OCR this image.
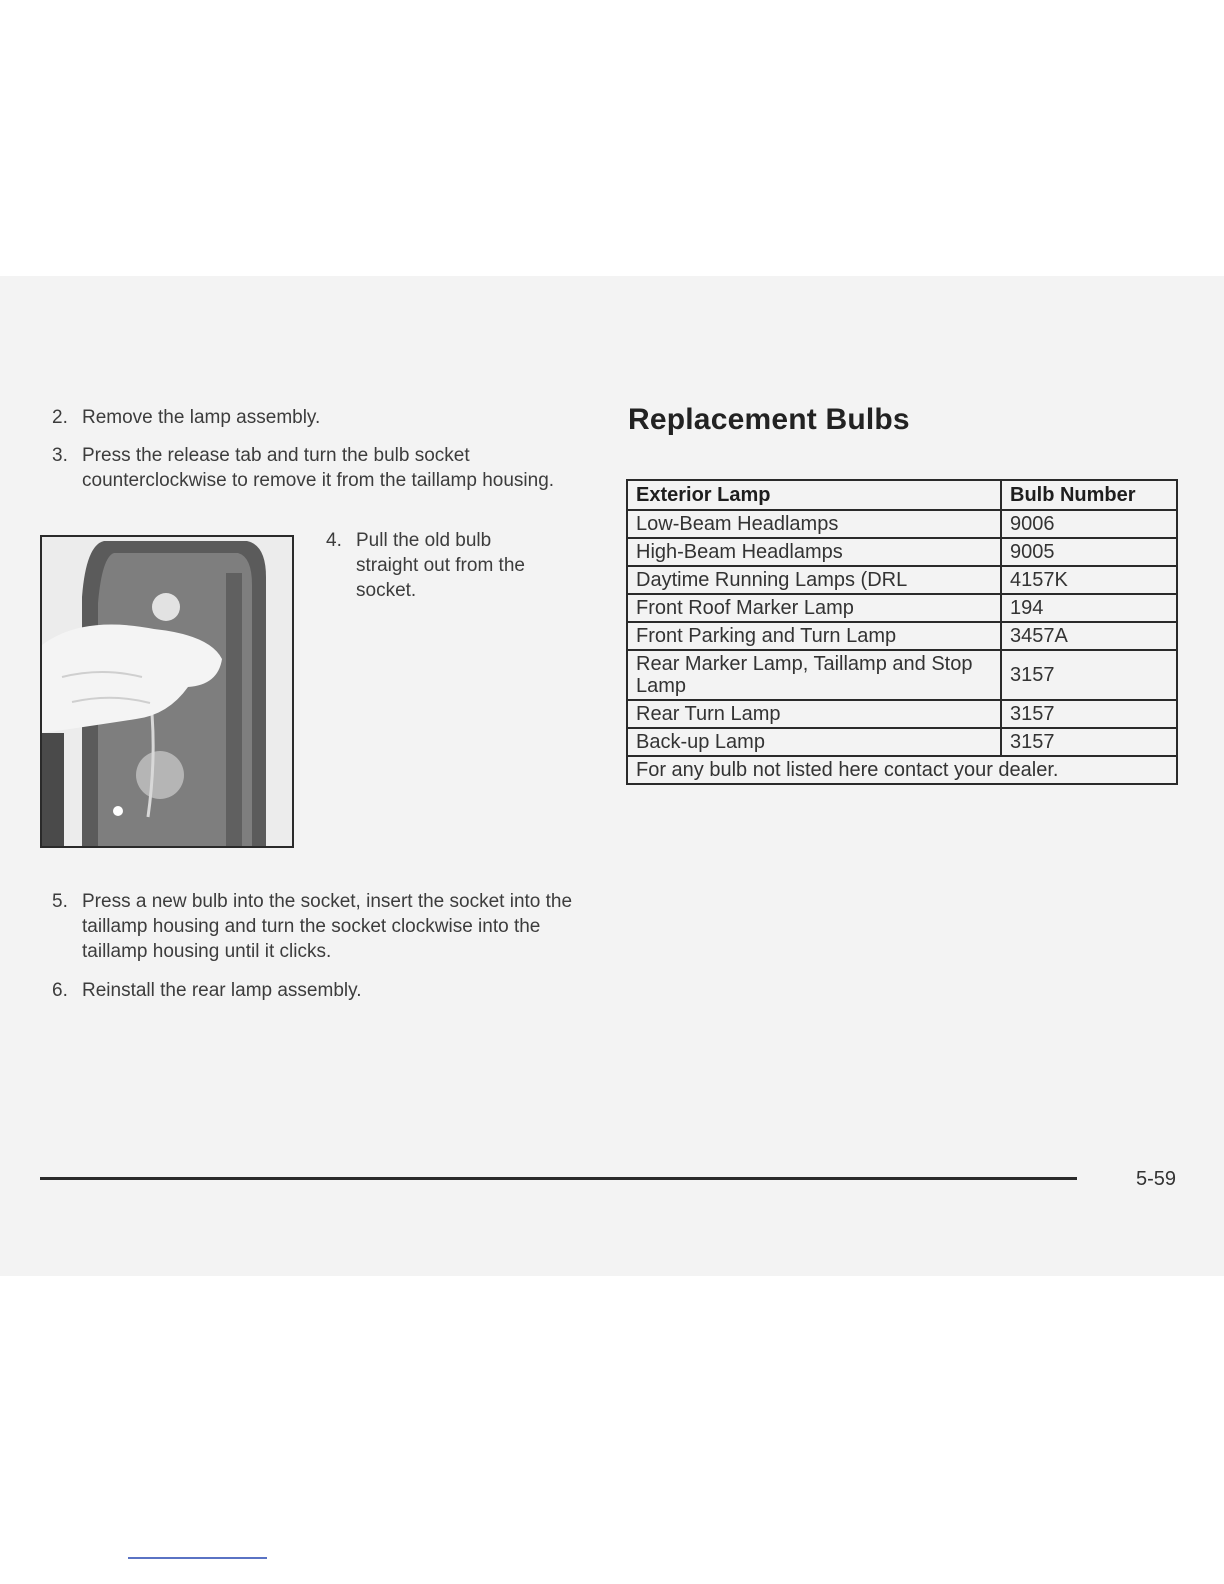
2. Remove the lamp assembly.
3. Press the release tab and turn the bulb socket counterclockwise to remove it from the taillamp housing.
4. Pull the old bulb straight out from the socket.
5. Press a new bulb into the socket, insert the socket into the taillamp housing and turn the socket clockwise into the taillamp housing until it clicks.
6. Reinstall the rear lamp assembly.
Replacement Bulbs
Exterior Lamp	Bulb Number
Low-Beam Headlamps	9006
High-Beam Headlamps	9005
Daytime Running Lamps (DRL	4157K
Front Roof Marker Lamp	194
Front Parking and Turn Lamp	3457A
Rear Marker Lamp, Taillamp and Stop Lamp	3157
Rear Turn Lamp	3157
Back-up Lamp	3157
For any bulb not listed here contact your dealer.	
5-59
